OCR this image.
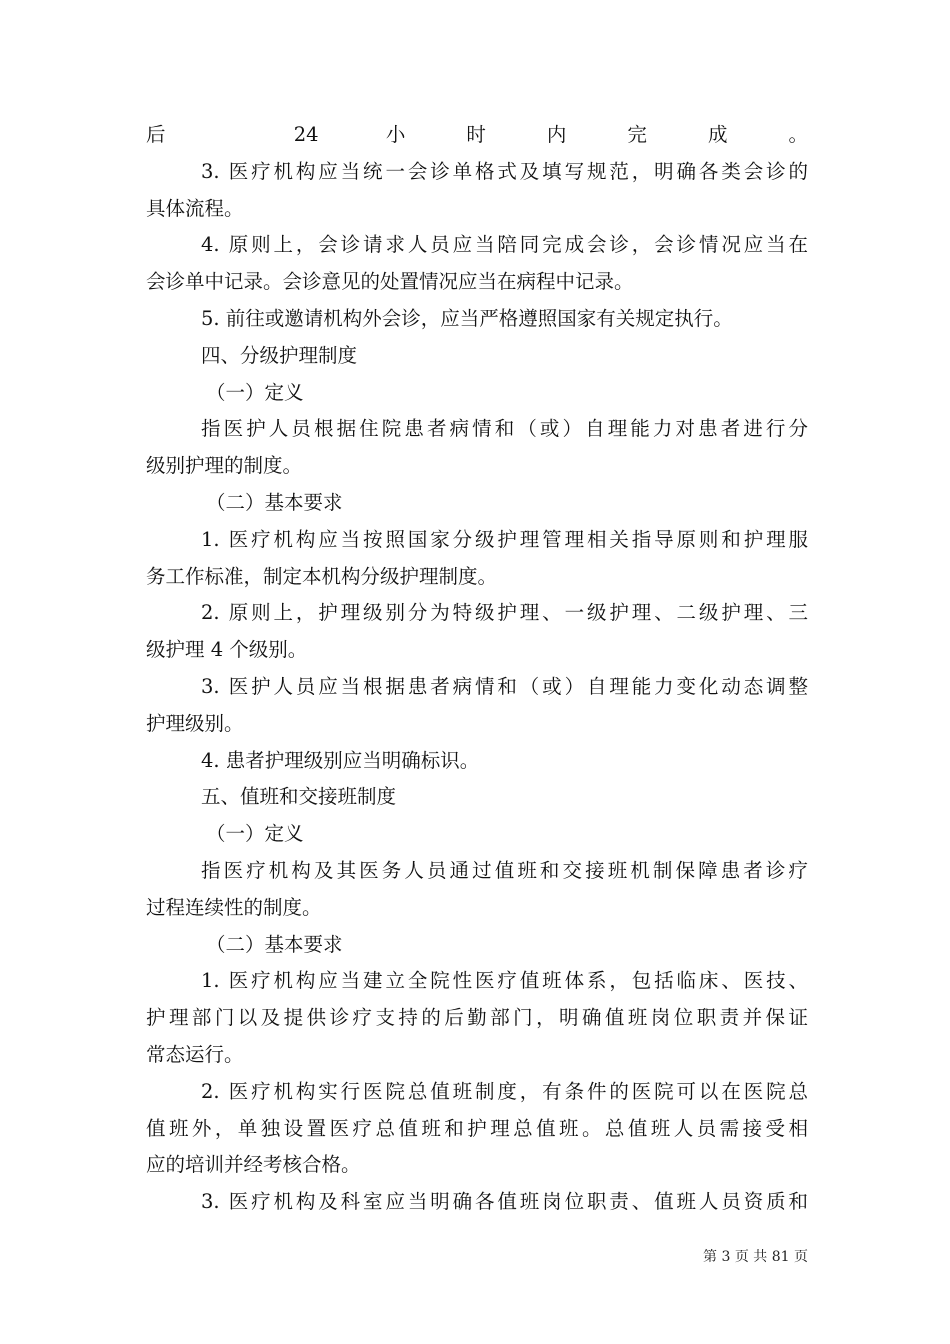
后 24 小时内完成。
3. 医疗机构应当统一会诊单格式及填写规范，明确各类会诊的
具体流程。
4. 原则上，会诊请求人员应当陪同完成会诊，会诊情况应当在
会诊单中记录。会诊意见的处置情况应当在病程中记录。
5. 前往或邀请机构外会诊，应当严格遵照国家有关规定执行。
四、分级护理制度
（一）定义
指医护人员根据住院患者病情和（或）自理能力对患者进行分
级别护理的制度。
（二）基本要求
1. 医疗机构应当按照国家分级护理管理相关指导原则和护理服
务工作标准，制定本机构分级护理制度。
2. 原则上，护理级别分为特级护理、一级护理、二级护理、三
级护理 4 个级别。
3. 医护人员应当根据患者病情和（或）自理能力变化动态调整
护理级别。
4. 患者护理级别应当明确标识。
五、值班和交接班制度
（一）定义
指医疗机构及其医务人员通过值班和交接班机制保障患者诊疗
过程连续性的制度。
（二）基本要求
1. 医疗机构应当建立全院性医疗值班体系，包括临床、医技、
护理部门以及提供诊疗支持的后勤部门，明确值班岗位职责并保证
常态运行。
2. 医疗机构实行医院总值班制度，有条件的医院可以在医院总
值班外，单独设置医疗总值班和护理总值班。总值班人员需接受相
应的培训并经考核合格。
3. 医疗机构及科室应当明确各值班岗位职责、值班人员资质和
第 3 页 共 81 页
